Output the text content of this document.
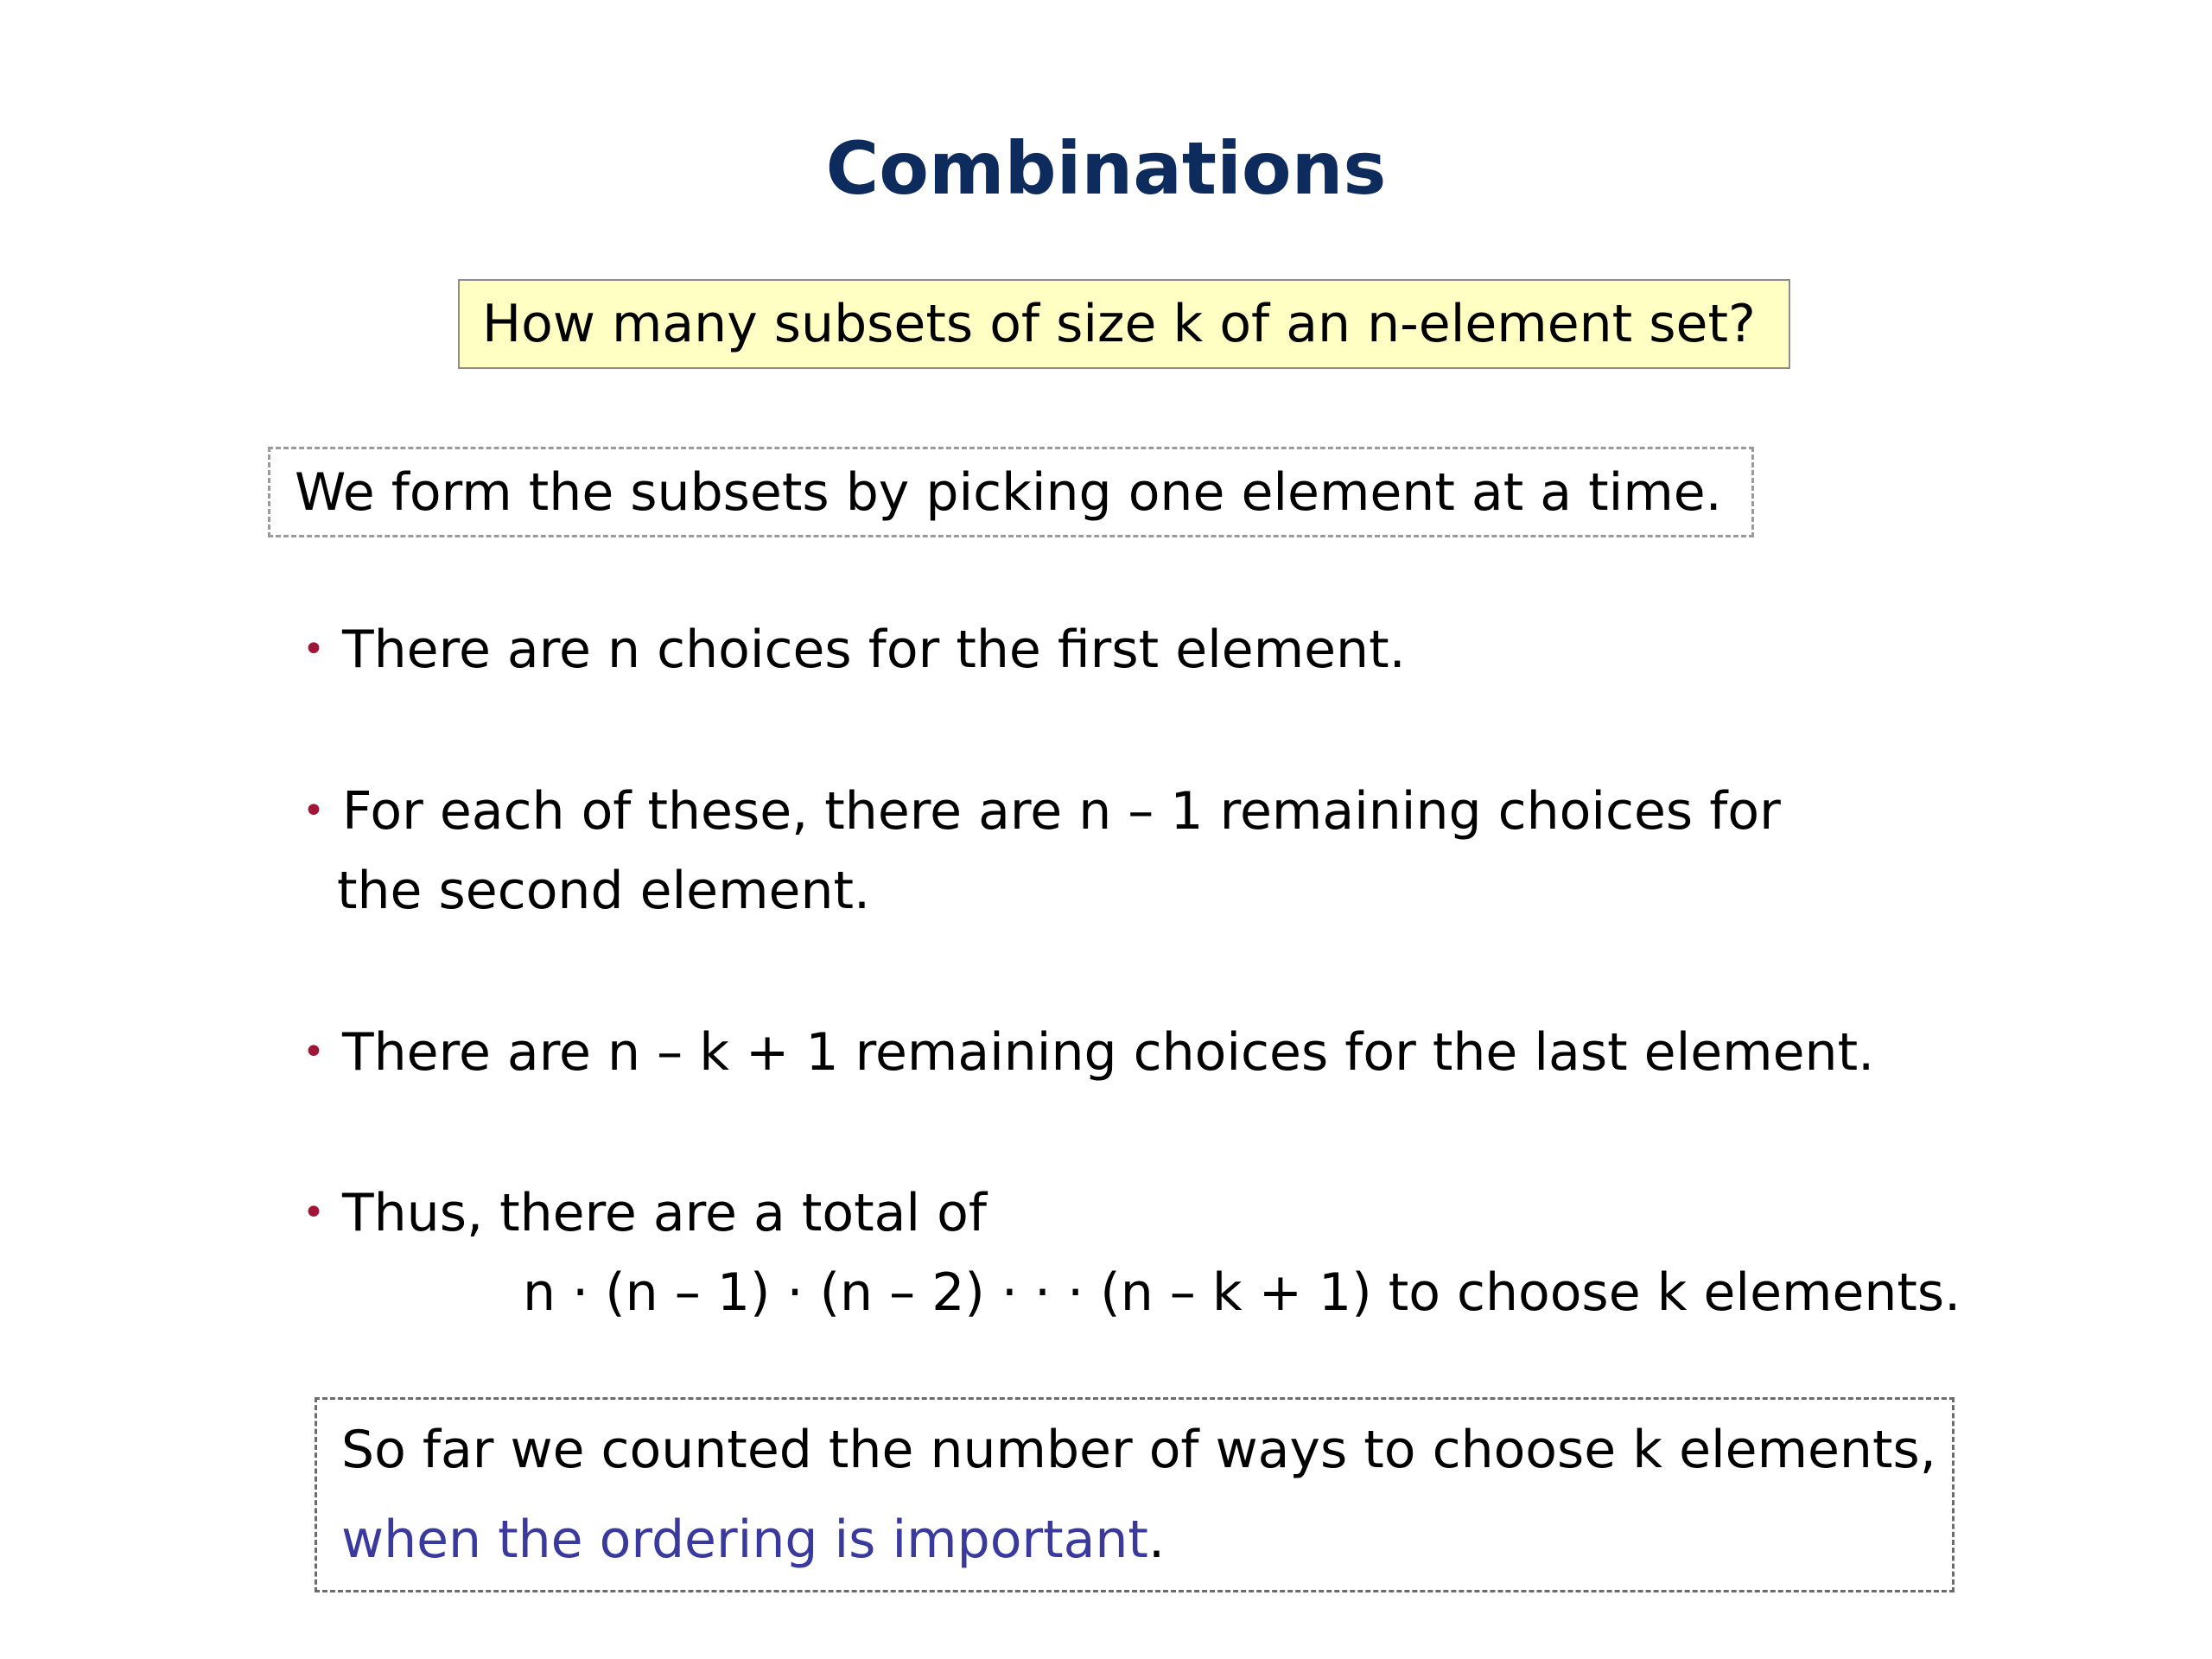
Combinations
How many subsets of size k of an n-element set?
We form the subsets by picking one element at a time.
• There are n choices for the first element.
• For each of these, there are n – 1 remaining choices for
the second element.
• There are n – k + 1 remaining choices for the last element.
• Thus, there are a total of
n · (n – 1) · (n – 2) · · · (n – k + 1) to choose k elements.
So far we counted the number of ways to choose k elements,
when the ordering is important.
